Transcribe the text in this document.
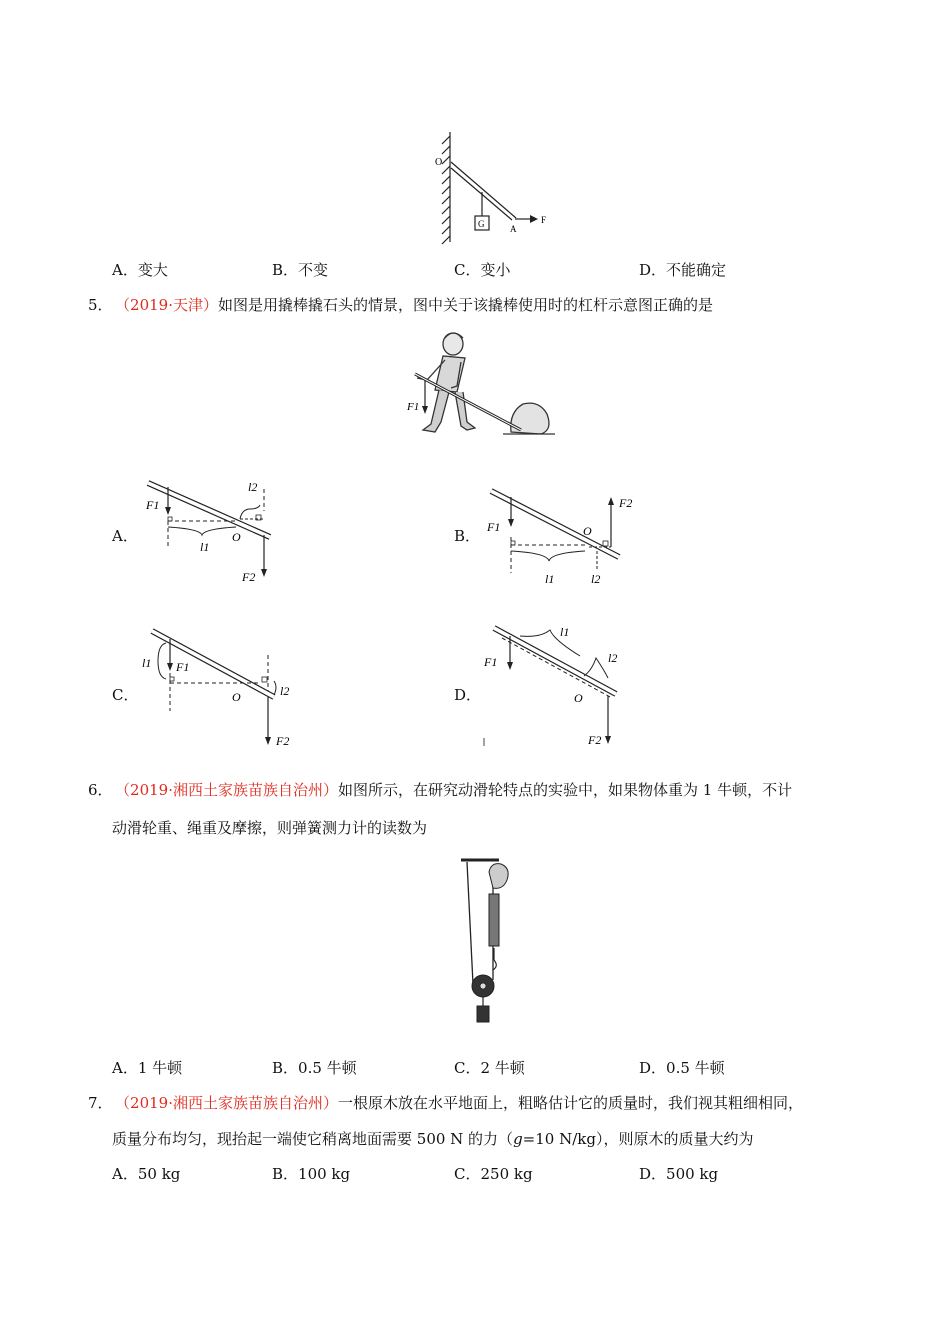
O
G	A
F
A．变大	B．不变	C．变小	D．不能确定
5． （2019·天津）如图是用撬棒撬石头的情景，图中关于该撬棒使用时的杠杆示意图正确的是
F1
A．	B．
C．	D．
F1
l1
O
l2
F2
F1	O
l1	l2
F2
l1 F1
O	l2
F2
F1
l1
l2
O
F2
6． （2019·湘西土家族苗族自治州）如图所示，在研究动滑轮特点的实验中，如果物体重为 1 牛顿，不计
动滑轮重、绳重及摩擦，则弹簧测力计的读数为
A．1 牛顿	B．0.5 牛顿	C．2 牛顿	D．0.5 牛顿
7． （2019·湘西土家族苗族自治州）一根原木放在水平地面上，粗略估计它的质量时，我们视其粗细相同，
质量分布均匀，现抬起一端使它稍离地面需要 500 N 的力（g=10 N/kg），则原木的质量大约为
A．50 kg	B．100 kg	C．250 kg	D．500 kg
